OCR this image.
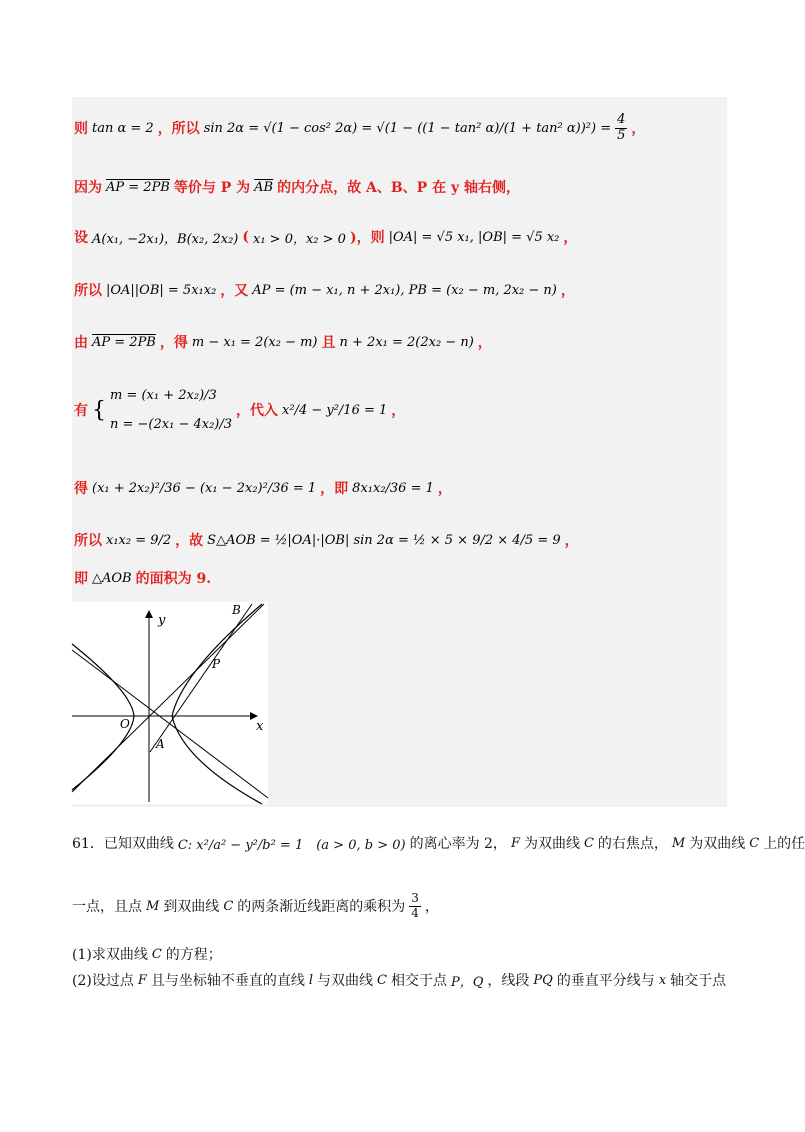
则 tan α = 2 ，所以 sin 2α = √(1 − cos² 2α) = √(1 − ((1 − tan² α)/(1 + tan² $\alpha))^2) = \frac{4}{5}$ ，
因为 AP = 2PB 等价与 P 为 $\overline{AB}$ 的内分点，故 A、B、P 在 y 轴右侧，
设 A(x₁, −2x₁)，B(x₂, 2x₂) ( x₁ > 0，x₂ > 0 )，则 |OA| = √5 x₁, |OB| = √5 x₂ ，
所以 |OA||OB| = 5x₁x₂ ，又 AP = (m − x₁, n + 2x₁), PB = (x₂ − m, 2x₂ − n) ，
由 AP = 2PB ，得 m − x₁ = 2(x₂ − m) 且 n + 2x₁ = 2(2x₂ − n) ，
有 {
m = (x₁ + 2x₂)/3
n = −(2x₁ − 4x₂)/3
，代入 x²/4 − y²/16 = 1 ，
得 (x₁ + 2x₂)²/36 − (x₁ − 2x₂)²/36 = 1 ，即 8x₁x₂/36 = 1 ，
所以 x₁x₂ = 9/2 ，故 S△AOB = ½|OA|·|OB| sin 2α = ½ × 5 × 9/2 × 4/5 = 9 ，
即 △AOB 的面积为 9.
y
x
O
A
B
P
61．已知双曲线 C: x²/a² − y²/b² = 1　(a > 0, b > 0) 的离心率为 2， F 为双曲线 C 的右焦点， M 为双曲线 C 上的任
一点，且点 M 到双曲线 C 的两条渐近线距离的乘积为 $\frac{3}{4}$ ，
(1)求双曲线 C 的方程；
(2)设过点 F 且与坐标轴不垂直的直线 l 与双曲线 C 相交于点 P，Q ，线段 PQ 的垂直平分线与 x 轴交于点
